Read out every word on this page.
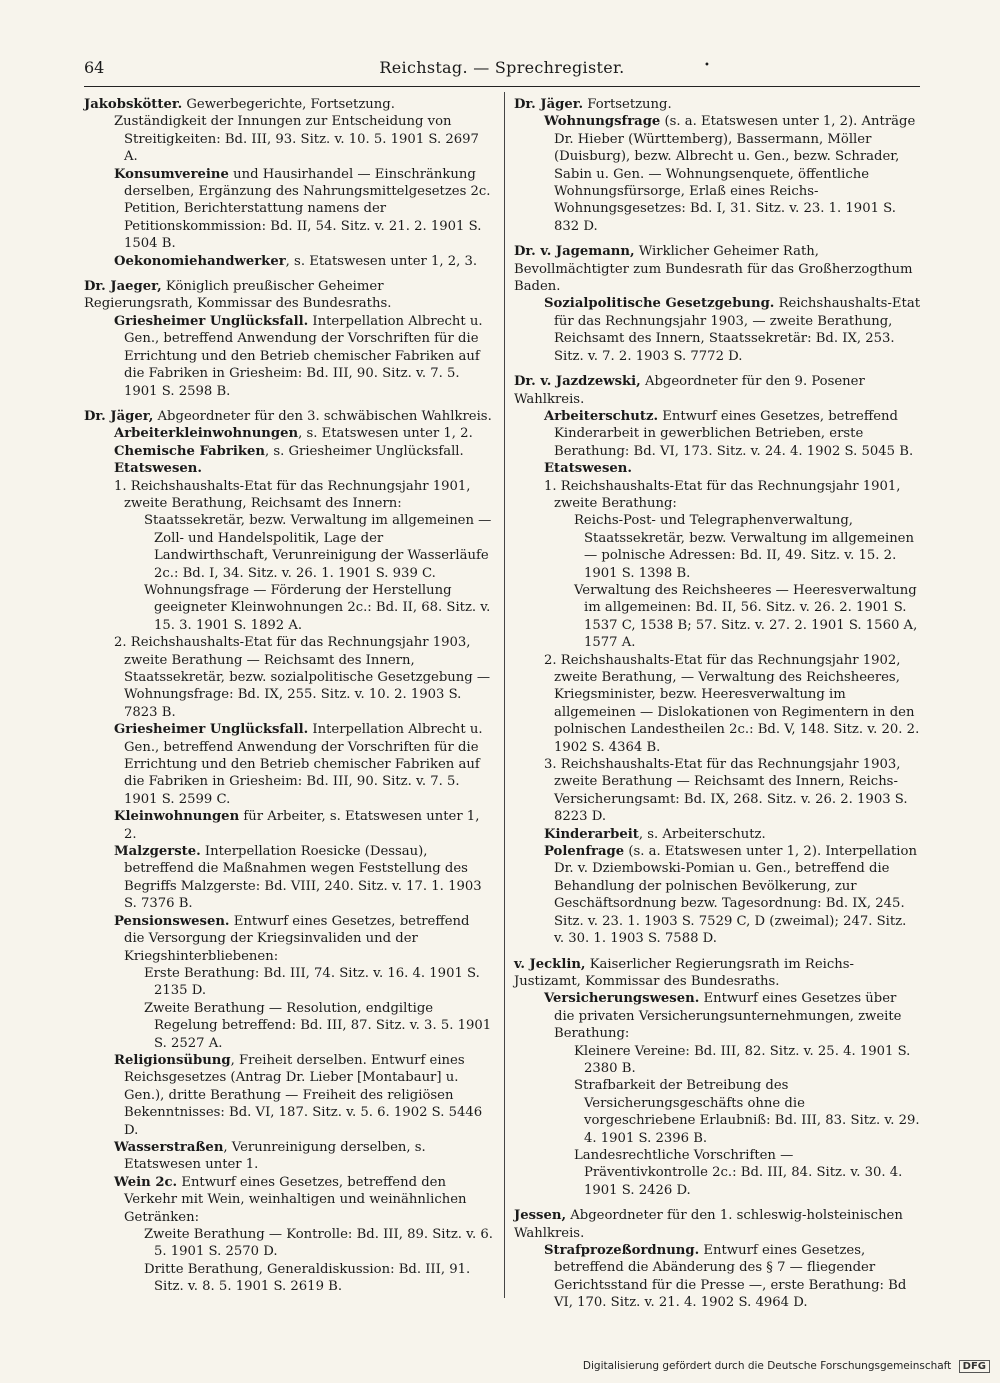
64	Reichstag. — Sprechregister.	•
Jakobskötter. Gewerbegerichte, Fortsetzung.
Zuständigkeit der Innungen zur Entscheidung von Streitigkeiten: Bd. III, 93. Sitz. v. 10. 5. 1901 S. 2697 A.
Konsumvereine und Hausirhandel — Einschränkung derselben, Ergänzung des Nahrungsmittelgesetzes 2c. Petition, Berichterstattung namens der Petitionskommission: Bd. II, 54. Sitz. v. 21. 2. 1901 S. 1504 B.
Oekonomiehandwerker, s. Etatswesen unter 1, 2, 3.
Dr. Jaeger, Königlich preußischer Geheimer Regierungsrath, Kommissar des Bundesraths.
Griesheimer Unglücksfall. Interpellation Albrecht u. Gen., betreffend Anwendung der Vorschriften für die Errichtung und den Betrieb chemischer Fabriken auf die Fabriken in Griesheim: Bd. III, 90. Sitz. v. 7. 5. 1901 S. 2598 B.
Dr. Jäger, Abgeordneter für den 3. schwäbischen Wahlkreis.
Arbeiterkleinwohnungen, s. Etatswesen unter 1, 2.
Chemische Fabriken, s. Griesheimer Unglücksfall.
Etatswesen.
1. Reichshaushalts-Etat für das Rechnungsjahr 1901, zweite Berathung, Reichsamt des Innern:
Staatssekretär, bezw. Verwaltung im allgemeinen — Zoll- und Handelspolitik, Lage der Landwirthschaft, Verunreinigung der Wasserläufe 2c.: Bd. I, 34. Sitz. v. 26. 1. 1901 S. 939 C.
Wohnungsfrage — Förderung der Herstellung geeigneter Kleinwohnungen 2c.: Bd. II, 68. Sitz. v. 15. 3. 1901 S. 1892 A.
2. Reichshaushalts-Etat für das Rechnungsjahr 1903, zweite Berathung — Reichsamt des Innern, Staatssekretär, bezw. sozialpolitische Gesetzgebung — Wohnungsfrage: Bd. IX, 255. Sitz. v. 10. 2. 1903 S. 7823 B.
Griesheimer Unglücksfall. Interpellation Albrecht u. Gen., betreffend Anwendung der Vorschriften für die Errichtung und den Betrieb chemischer Fabriken auf die Fabriken in Griesheim: Bd. III, 90. Sitz. v. 7. 5. 1901 S. 2599 C.
Kleinwohnungen für Arbeiter, s. Etatswesen unter 1, 2.
Malzgerste. Interpellation Roesicke (Dessau), betreffend die Maßnahmen wegen Feststellung des Begriffs Malzgerste: Bd. VIII, 240. Sitz. v. 17. 1. 1903 S. 7376 B.
Pensionswesen. Entwurf eines Gesetzes, betreffend die Versorgung der Kriegsinvaliden und der Kriegshinterbliebenen:
Erste Berathung: Bd. III, 74. Sitz. v. 16. 4. 1901 S. 2135 D.
Zweite Berathung — Resolution, endgiltige Regelung betreffend: Bd. III, 87. Sitz. v. 3. 5. 1901 S. 2527 A.
Religionsübung, Freiheit derselben. Entwurf eines Reichsgesetzes (Antrag Dr. Lieber [Montabaur] u. Gen.), dritte Berathung — Freiheit des religiösen Bekenntnisses: Bd. VI, 187. Sitz. v. 5. 6. 1902 S. 5446 D.
Wasserstraßen, Verunreinigung derselben, s. Etatswesen unter 1.
Wein 2c. Entwurf eines Gesetzes, betreffend den Verkehr mit Wein, weinhaltigen und weinähnlichen Getränken:
Zweite Berathung — Kontrolle: Bd. III, 89. Sitz. v. 6. 5. 1901 S. 2570 D.
Dritte Berathung, Generaldiskussion: Bd. III, 91. Sitz. v. 8. 5. 1901 S. 2619 B.
Dr. Jäger. Fortsetzung.
Wohnungsfrage (s. a. Etatswesen unter 1, 2). Anträge Dr. Hieber (Württemberg), Bassermann, Möller (Duisburg), bezw. Albrecht u. Gen., bezw. Schrader, Sabin u. Gen. — Wohnungsenquete, öffentliche Wohnungsfürsorge, Erlaß eines Reichs-Wohnungsgesetzes: Bd. I, 31. Sitz. v. 23. 1. 1901 S. 832 D.
Dr. v. Jagemann, Wirklicher Geheimer Rath, Bevollmächtigter zum Bundesrath für das Großherzogthum Baden.
Sozialpolitische Gesetzgebung. Reichshaushalts-Etat für das Rechnungsjahr 1903, — zweite Berathung, Reichsamt des Innern, Staatssekretär: Bd. IX, 253. Sitz. v. 7. 2. 1903 S. 7772 D.
Dr. v. Jazdzewski, Abgeordneter für den 9. Posener Wahlkreis.
Arbeiterschutz. Entwurf eines Gesetzes, betreffend Kinderarbeit in gewerblichen Betrieben, erste Berathung: Bd. VI, 173. Sitz. v. 24. 4. 1902 S. 5045 B.
Etatswesen.
1. Reichshaushalts-Etat für das Rechnungsjahr 1901, zweite Berathung:
Reichs-Post- und Telegraphenverwaltung, Staatssekretär, bezw. Verwaltung im allgemeinen — polnische Adressen: Bd. II, 49. Sitz. v. 15. 2. 1901 S. 1398 B.
Verwaltung des Reichsheeres — Heeresverwaltung im allgemeinen: Bd. II, 56. Sitz. v. 26. 2. 1901 S. 1537 C, 1538 B; 57. Sitz. v. 27. 2. 1901 S. 1560 A, 1577 A.
2. Reichshaushalts-Etat für das Rechnungsjahr 1902, zweite Berathung, — Verwaltung des Reichsheeres, Kriegsminister, bezw. Heeresverwaltung im allgemeinen — Dislokationen von Regimentern in den polnischen Landestheilen 2c.: Bd. V, 148. Sitz. v. 20. 2. 1902 S. 4364 B.
3. Reichshaushalts-Etat für das Rechnungsjahr 1903, zweite Berathung — Reichsamt des Innern, Reichs-Versicherungsamt: Bd. IX, 268. Sitz. v. 26. 2. 1903 S. 8223 D.
Kinderarbeit, s. Arbeiterschutz.
Polenfrage (s. a. Etatswesen unter 1, 2). Interpellation Dr. v. Dziembowski-Pomian u. Gen., betreffend die Behandlung der polnischen Bevölkerung, zur Geschäftsordnung bezw. Tagesordnung: Bd. IX, 245. Sitz. v. 23. 1. 1903 S. 7529 C, D (zweimal); 247. Sitz. v. 30. 1. 1903 S. 7588 D.
v. Jecklin, Kaiserlicher Regierungsrath im Reichs-Justizamt, Kommissar des Bundesraths.
Versicherungswesen. Entwurf eines Gesetzes über die privaten Versicherungsunternehmungen, zweite Berathung:
Kleinere Vereine: Bd. III, 82. Sitz. v. 25. 4. 1901 S. 2380 B.
Strafbarkeit der Betreibung des Versicherungsgeschäfts ohne die vorgeschriebene Erlaubniß: Bd. III, 83. Sitz. v. 29. 4. 1901 S. 2396 B.
Landesrechtliche Vorschriften — Präventivkontrolle 2c.: Bd. III, 84. Sitz. v. 30. 4. 1901 S. 2426 D.
Jessen, Abgeordneter für den 1. schleswig-holsteinischen Wahlkreis.
Strafprozeßordnung. Entwurf eines Gesetzes, betreffend die Abänderung des § 7 — fliegender Gerichtsstand für die Presse —, erste Berathung: Bd VI, 170. Sitz. v. 21. 4. 1902 S. 4964 D.
Digitalisierung gefördert durch die Deutsche Forschungsgemeinschaft DFG
